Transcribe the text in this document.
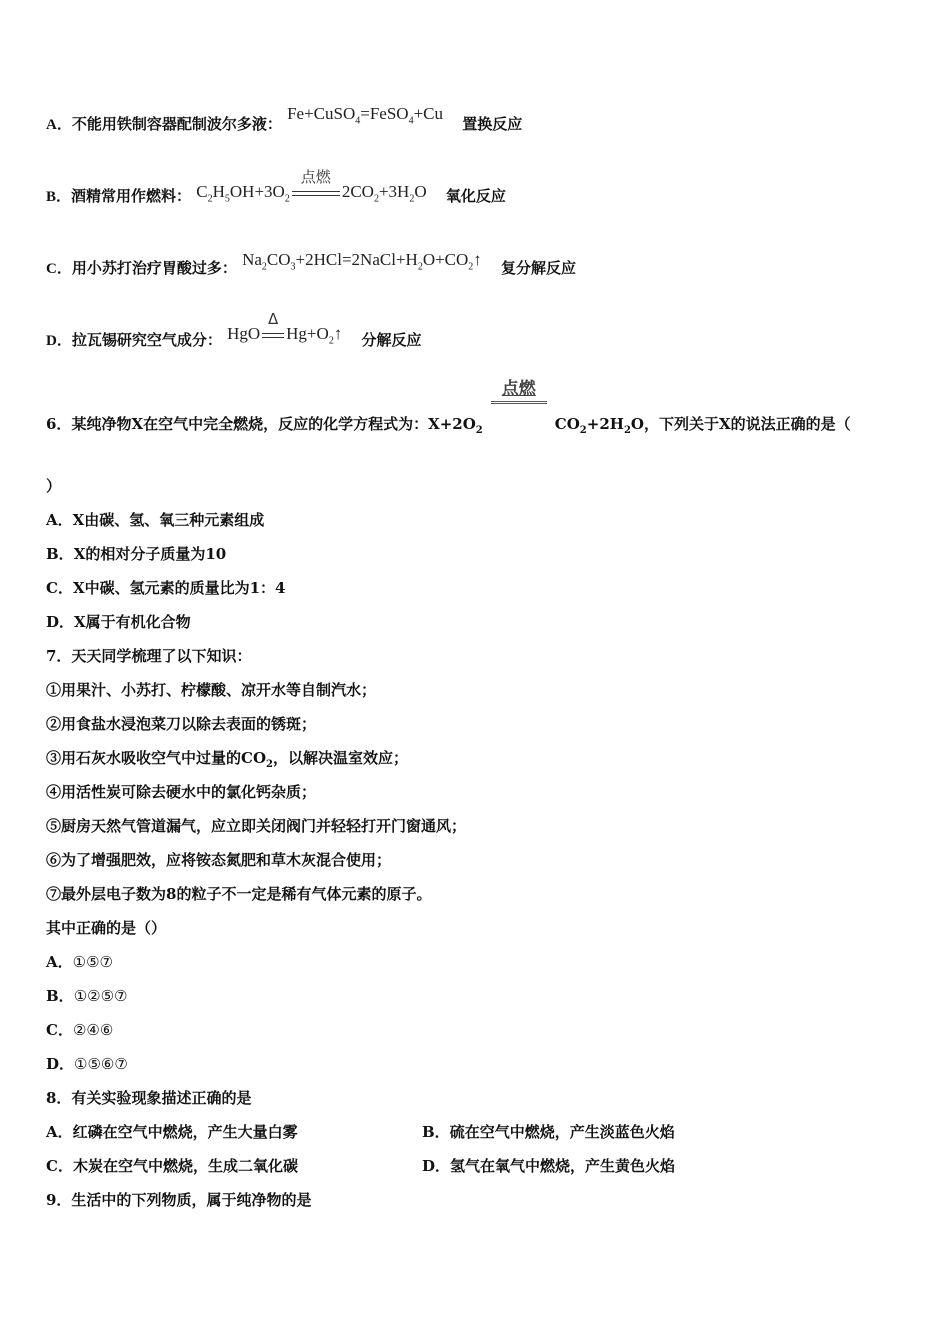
A．不能用铁制容器配制波尔多液： Fe+CuSO$_4$=FeSO$_4$+Cu 置换反应
B．酒精常用作燃料： $C_2H_5OH+3O_2$
点燃
$2CO_2+3H_2O$ 氧化反应
C．用小苏打治疗胃酸过多： $Na_2CO_3+2HCl=2NaCl+H_2O+CO_2↑$ 复分解反应
D．拉瓦锡研究空气成分： HgO
Δ
$Hg+O_2↑$ 分解反应
6．某纯净物X在空气中完全燃烧，反应的化学方程式为：$X+2O_2$
点燃
$CO_2+2H_2O$，下列关于X的说法正确的是（
）
A．X由碳、氢、氧三种元素组成
B．X的相对分子质量为10
C．X中碳、氢元素的质量比为1：4
D．X属于有机化合物
7．天天同学梳理了以下知识：
①用果汁、小苏打、柠檬酸、凉开水等自制汽水；
②用食盐水浸泡菜刀以除去表面的锈斑；
③用石灰水吸收空气中过量的$CO_2$，以解决温室效应；
④用活性炭可除去硬水中的氯化钙杂质；
⑤厨房天然气管道漏气，应立即关闭阀门并轻轻打开门窗通风；
⑥为了增强肥效，应将铵态氮肥和草木灰混合使用；
⑦最外层电子数为8的粒子不一定是稀有气体元素的原子。
其中正确的是（）
A．①⑤⑦
B．①②⑤⑦
C．②④⑥
D．①⑤⑥⑦
8．有关实验现象描述正确的是
A．红磷在空气中燃烧，产生大量白雾	B．硫在空气中燃烧，产生淡蓝色火焰
C．木炭在空气中燃烧，生成二氧化碳	D．氢气在氧气中燃烧，产生黄色火焰
9．生活中的下列物质，属于纯净物的是
